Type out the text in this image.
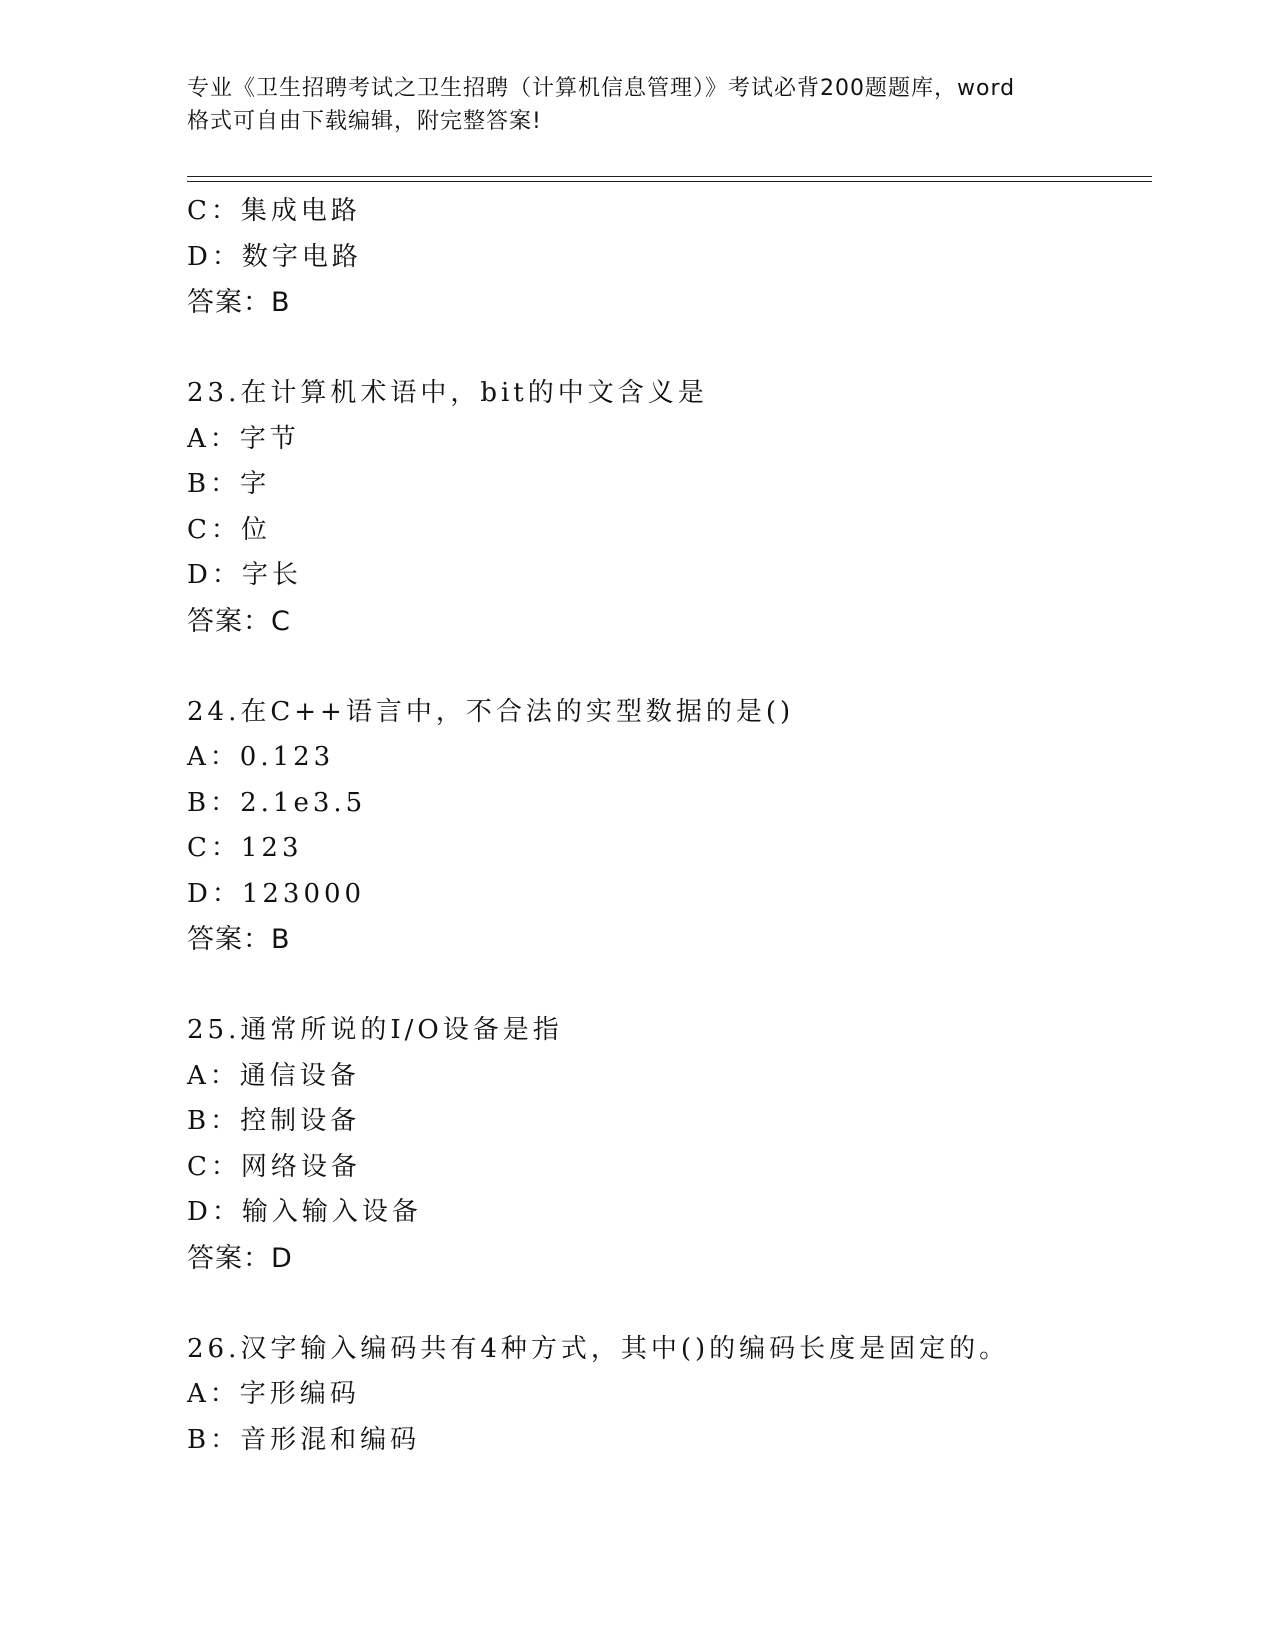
专业《卫生招聘考试之卫生招聘（计算机信息管理）》考试必背200题题库，word
格式可自由下载编辑，附完整答案!
C：集成电路
D：数字电路
答案：B
23.在计算机术语中，bit的中文含义是
A：字节
B：字
C：位
D：字长
答案：C
24.在C++语言中，不合法的实型数据的是()
A：0.123
B：2.1e3.5
C：123
D：123000
答案：B
25.通常所说的I/O设备是指
A：通信设备
B：控制设备
C：网络设备
D：输入输入设备
答案：D
26.汉字输入编码共有4种方式，其中()的编码长度是固定的。
A：字形编码
B：音形混和编码
